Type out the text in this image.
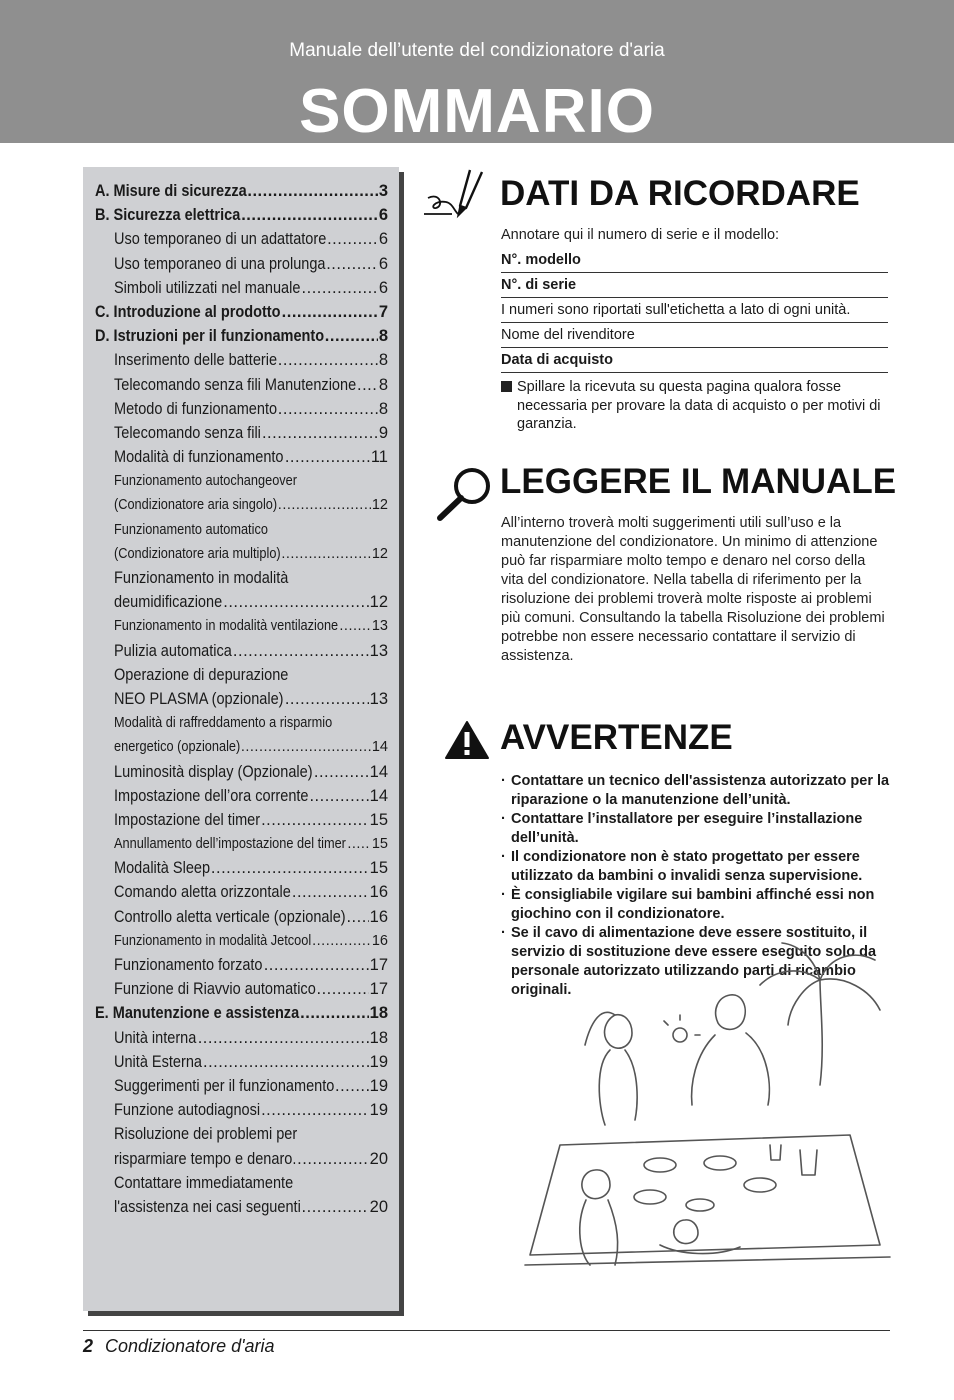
Manuale dell’utente del condizionatore d'aria
SOMMARIO
A. Misure di sicurezza .....	3
B. Sicurezza elettrica .....	6
Uso temporaneo di un adattatore .....	6
Uso temporaneo di una prolunga .....	6
Simboli utilizzati nel manuale .....	6
C. Introduzione al prodotto .....	7
D. Istruzioni per il funzionamento .....	8
Inserimento delle batterie .....	8
Telecomando senza fili Manutenzione ..... 8
Metodo di funzionamento .....	8
Telecomando senza fili .....	9
Modalità di funzionamento .....	11
Funzionamento autochangeover
(Condizionatore aria singolo) .....	12
Funzionamento automatico
(Condizionatore aria multiplo) .....	12
Funzionamento in modalità
deumidificazione .....	12
Funzionamento in modalità ventilazione ..... 13
Pulizia automatica .....	13
Operazione di depurazione
NEO PLASMA (opzionale) .....	13
Modalità di raffreddamento a risparmio
energetico (opzionale) .....	14
Luminosità display (Opzionale) .....	14
Impostazione dell’ora corrente .....	14
Impostazione del timer .....	15
Annullamento dell’impostazione del timer ..... 15
Modalità Sleep .....	15
Comando aletta orizzontale .....	16
Controllo aletta verticale (opzionale) ..... 16
Funzionamento in modalità Jetcool .....	16
Funzionamento forzato .....	17
Funzione di Riavvio automatico .....	17
E. Manutenzione e assistenza .....	18
Unità interna .....	18
Unità Esterna .....	19
Suggerimenti per il funzionamento ..... 19
Funzione autodiagnosi .....	19
Risoluzione dei problemi per
risparmiare tempo e denaro. .....	20
Contattare immediatamente
l'assistenza nei casi seguenti .....	20
DATI DA RICORDARE
Annotare qui il numero di serie e il modello:
N°. modello
N°. di serie
I numeri sono riportati sull'etichetta a lato di ogni unità.
Nome del rivenditore
Data di acquisto
Spillare la ricevuta su questa pagina qualora fosse necessaria per provare la data di acquisto o per motivi di garanzia.
LEGGERE IL MANUALE
All’interno troverà molti suggerimenti utili sull’uso e la manutenzione del condizionatore. Un minimo di attenzione può far risparmiare molto tempo e denaro nel corso della vita del condizionatore. Nella tabella di riferimento per la risoluzione dei problemi troverà molte risposte ai problemi più comuni. Consultando la tabella Risoluzione dei problemi potrebbe non essere necessario contattare il servizio di assistenza.
AVVERTENZE
· Contattare un tecnico dell'assistenza autorizzato per la riparazione o la manutenzione dell’unità.
· Contattare l’installatore per eseguire l’installazione dell’unità.
· Il condizionatore non è stato progettato per essere utilizzato da bambini o invalidi senza supervisione.
· È consigliabile vigilare sui bambini affinché essi non giochino con il condizionatore.
· Se il cavo di alimentazione deve essere sostituito, il servizio di sostituzione deve essere eseguito solo da personale autorizzato utilizzando parti di ricambio originali.
2 Condizionatore d'aria
